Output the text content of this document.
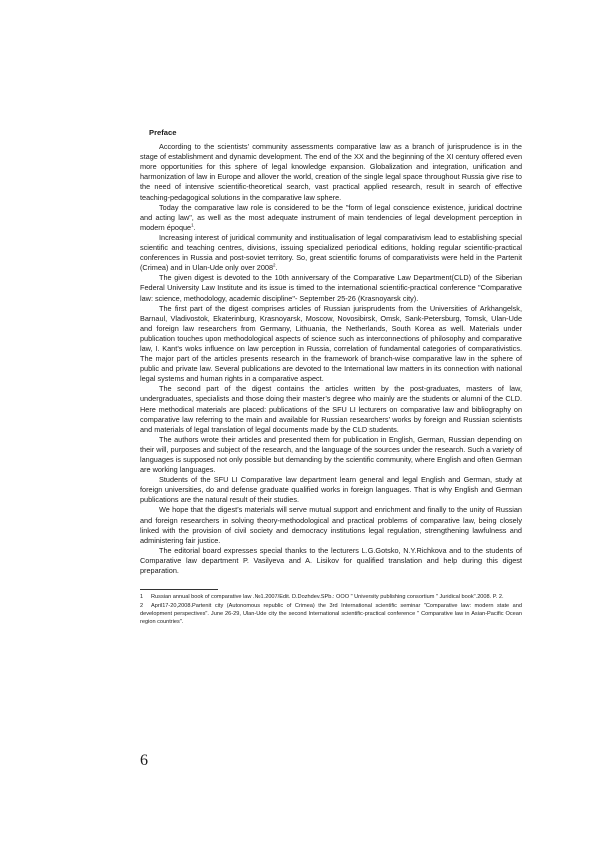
Preface

According to the scientists’ community assessments comparative law as a branch of jurisprudence is in the stage of establishment and dynamic development. The end of the XX and the beginning of the XI century offered even more opportunities for this sphere of legal knowledge expansion. Globalization and integration, unification and harmonization of law in Europe and allover the world, creation of the single legal space throughout Russia give rise to the need of intensive scientific-theoretical search, vast practical applied research, result in search of effective teaching-pedagogical solutions in the comparative law sphere.

Today the comparative law role is considered to be the "form of legal conscience existence, juridical doctrine and acting law", as well as the most adequate instrument of main tendencies of legal development perception in modern époque$^1$.

Increasing interest of juridical community and institualisation of legal comparativism lead to establishing special scientific and teaching centres, divisions, issuing specialized periodical editions, holding regular scientific-practical conferences in Russia and post-soviet territory. So, great scientific forums of comparativists were held in the Partenit (Crimea) and in Ulan-Ude only over 2008$^2$.

The given digest is devoted to the 10th anniversary of the Comparative Law Department(CLD) of the Siberian Federal University Law Institute and its issue is timed to the international scientific-practical conference "Comparative law: science, methodology, academic discipline"- September 25-26 (Krasnoyarsk city).

The first part of the digest comprises articles of Russian jurisprudents from the Universities of Arkhangelsk, Barnaul, Vladivostok, Ekaterinburg, Krasnoyarsk, Moscow, Novosibirsk, Omsk, Sank-Petersburg, Tomsk, Ulan-Ude and foreign law researchers from Germany, Lithuania, the Netherlands, South Korea as well. Materials under publication touches upon methodological aspects of science such as interconnections of philosophy and comparative law, I. Kant’s woks influence on law perception in Russia, correlation of fundamental categories of comparativistics. The major part of the articles presents research in the framework of branch-wise comparative law in the sphere of public and private law. Several publications are devoted to the International law matters in its connection with national legal systems and human rights in a comparative aspect.

The second part of the digest contains the articles written by the post-graduates, masters of law, undergraduates, specialists and those doing their master’s degree who mainly are the students or alumni of the CLD. Here methodical materials are placed: publications of the SFU LI lecturers on comparative law and bibliography on comparative law referring to the main and available for Russian researchers’ works by foreign and Russian scientists and materials of legal translation of legal documents made by the CLD students.

The authors wrote their articles and presented them for publication in English, German, Russian depending on their will, purposes and subject of the research, and the language of the sources under the research. Such a variety of languages is supposed not only possible but demanding by the scientific community, where English and often German are working languages.

Students of the SFU LI Comparative law department learn general and legal English and German, study at foreign universities, do and defense graduate qualified works in foreign languages. That is why English and German publications are the natural result of their studies.

We hope that the digest’s materials will serve mutual support and enrichment and finally to the unity of Russian and foreign researchers in solving theory-methodological and practical problems of comparative law, being closely linked with the provision of civil society and democracy institutions legal regulation, strengthening lawfulness and administering fair justice.

The editorial board expresses special thanks to the lecturers L.G.Gotsko, N.Y.Richkova and to the students of Comparative law department P. Vasilyeva and A. Lisikov for qualified translation and help during this digest preparation.

1 Russian annual book of comparative law .№1.2007/Edit. D.Dozhdev.SPb.: OOO " University publishing consortium " Juridical book".2008. P. 2.
2 April17-20,2008.Partenit city (Autonomous republic of Crimea) the 3rd International scientific seminar "Comparative law: modern state and development perspectives". June 26-29, Ulan-Ude city the second International scientific-practical conference " Comparative law in Asian-Pacific Ocean region countries".
6
